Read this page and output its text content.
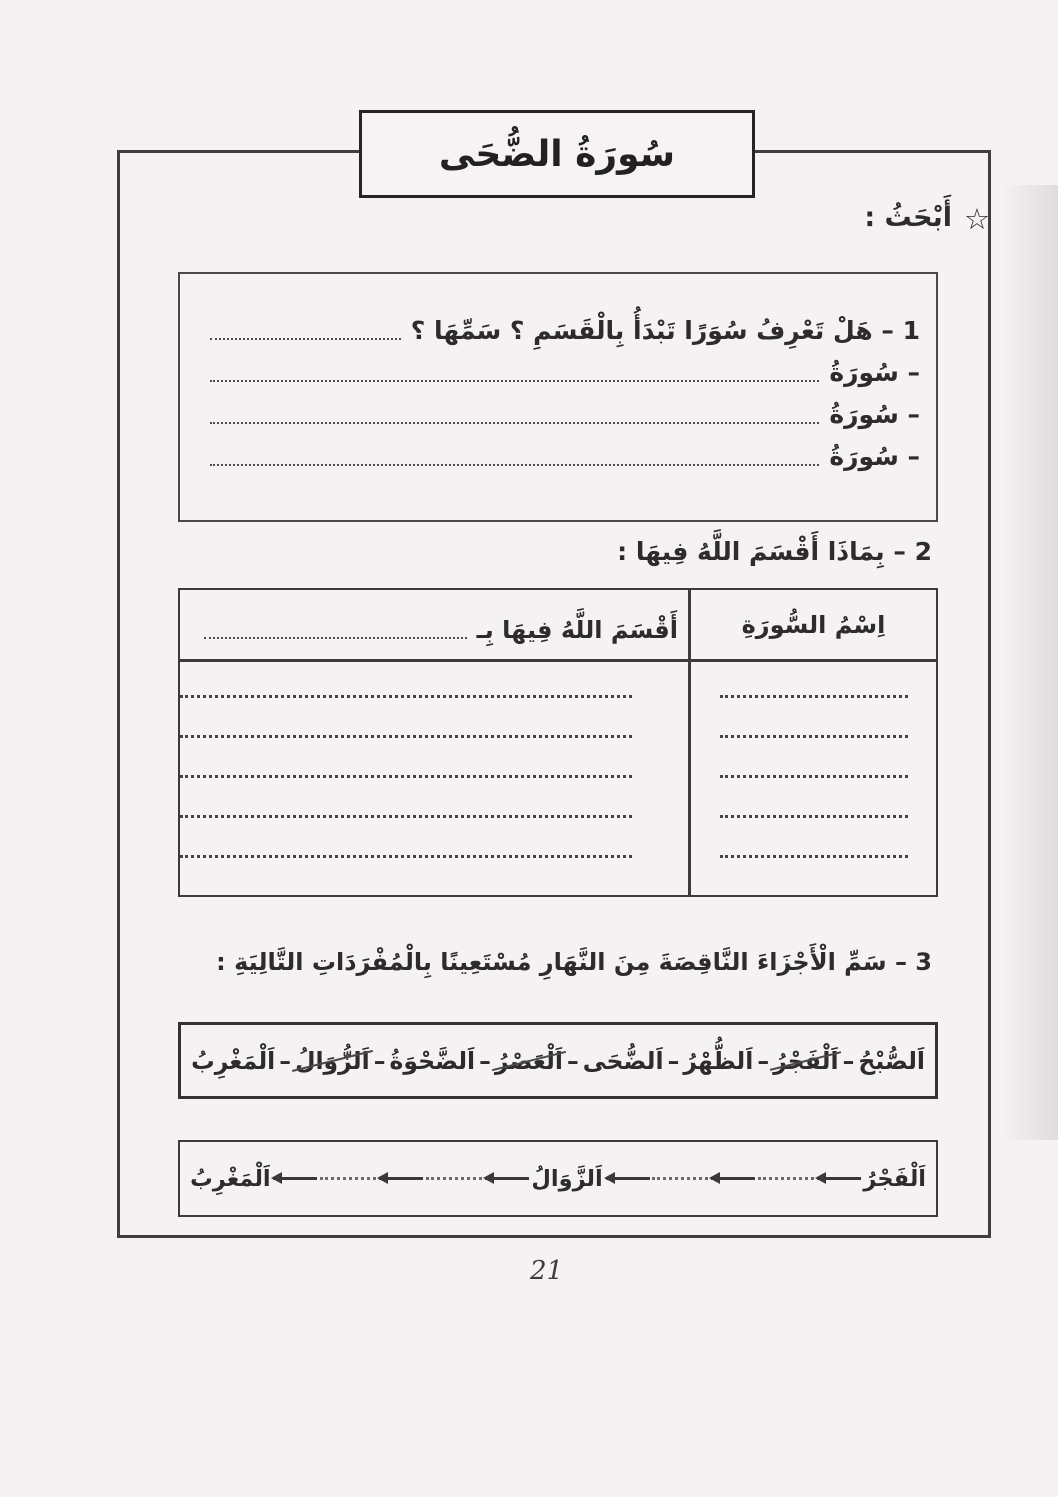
سُورَةُ الضُّحَى
☆
أَبْحَثُ :
1 – هَلْ تَعْرِفُ سُوَرًا تَبْدَأُ بِالْقَسَمِ ؟ سَمِّهَا ؟
– سُورَةُ
– سُورَةُ
– سُورَةُ
2 – بِمَاذَا أَقْسَمَ اللَّهُ فِيهَا :
اِسْمُ السُّورَةِ
أَقْسَمَ اللَّهُ فِيهَا بِـ
3 – سَمِّ الْأَجْزَاءَ النَّاقِصَةَ مِنَ النَّهَارِ مُسْتَعِينًا بِالْمُفْرَدَاتِ التَّالِيَةِ :
اَلصُّبْحُ
–
اَلْفَجْرُ
–
اَلظُّهْرُ
–
اَلضُّحَى
–
اَلْعَصْرُ
–
اَلضَّحْوَةُ
–
اَلزُّوَالُ
–
اَلْمَغْرِبُ
اَلْفَجْرُ
اَلزَّوَالُ
اَلْمَغْرِبُ
21
